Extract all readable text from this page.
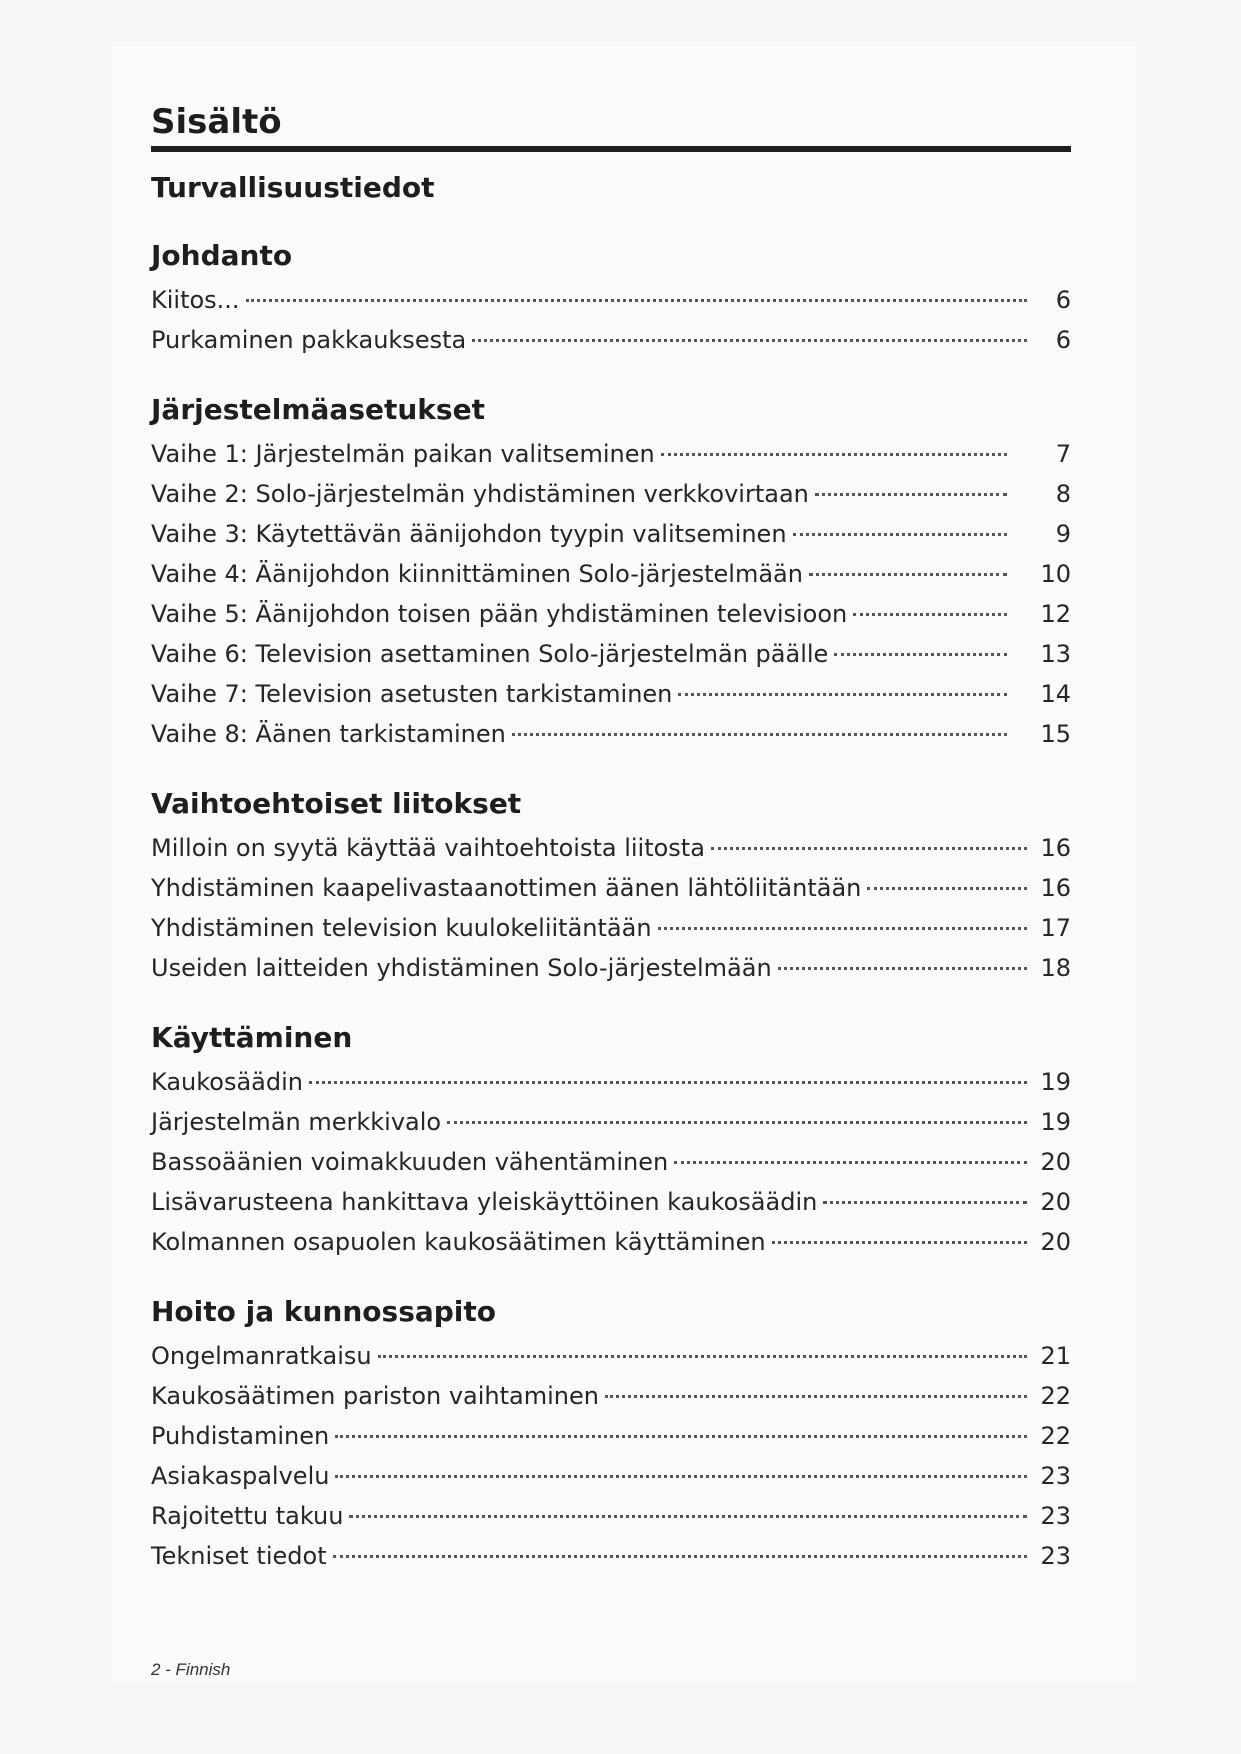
Sisältö
Turvallisuustiedot
Johdanto
Kiitos...	6
Purkaminen pakkauksesta	6
Järjestelmäasetukset
Vaihe 1: Järjestelmän paikan valitseminen	7
Vaihe 2: Solo-järjestelmän yhdistäminen verkkovirtaan	8
Vaihe 3: Käytettävän äänijohdon tyypin valitseminen	9
Vaihe 4: Äänijohdon kiinnittäminen Solo-järjestelmään	10
Vaihe 5: Äänijohdon toisen pään yhdistäminen televisioon	12
Vaihe 6: Television asettaminen Solo-järjestelmän päälle	13
Vaihe 7: Television asetusten tarkistaminen	14
Vaihe 8: Äänen tarkistaminen	15
Vaihtoehtoiset liitokset
Milloin on syytä käyttää vaihtoehtoista liitosta	16
Yhdistäminen kaapelivastaanottimen äänen lähtöliitäntään	16
Yhdistäminen television kuulokeliitäntään	17
Useiden laitteiden yhdistäminen Solo-järjestelmään	18
Käyttäminen
Kaukosäädin	19
Järjestelmän merkkivalo	19
Bassoäänien voimakkuuden vähentäminen	20
Lisävarusteena hankittava yleiskäyttöinen kaukosäädin	20
Kolmannen osapuolen kaukosäätimen käyttäminen	20
Hoito ja kunnossapito
Ongelmanratkaisu	21
Kaukosäätimen pariston vaihtaminen	22
Puhdistaminen	22
Asiakaspalvelu	23
Rajoitettu takuu	23
Tekniset tiedot	23
2 - Finnish
